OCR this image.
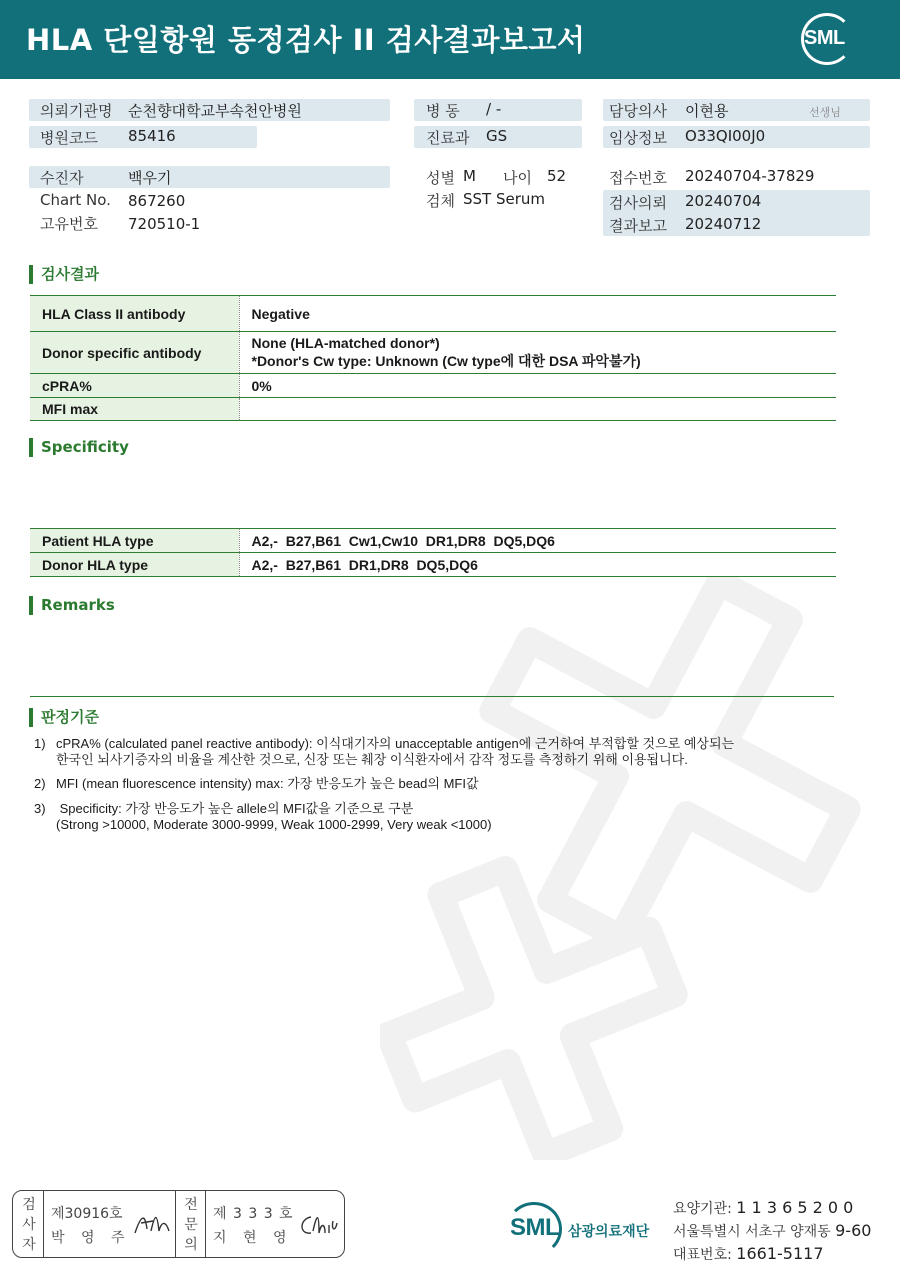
HLA 단일항원 동정검사 II 검사결과보고서	SML
의뢰기관명 순천향대학교부속천안병원
병원코드 85416
병 동 / -
진료과 GS
담당의사 이현용	선생님
임상정보 O33QI00J0
수진자	백우기
Chart No. 867260
고유번호 720510-1
성별 M 나이 52
검체 SST Serum
접수번호 20240704-37829
검사의뢰 20240704
결과보고 20240712
검사결과
HLA Class II antibody	Negative
Donor specific antibody	None (HLA-matched donor*)
*Donor's Cw type: Unknown (Cw type에 대한 DSA 파악불가)

cPRA%	0%
MFI max	
Specificity
Patient HLA type	A2,-  B27,B61  Cw1,Cw10  DR1,DR8  DQ5,DQ6
Donor HLA type	A2,-  B27,B61  DR1,DR8  DQ5,DQ6
Remarks
판정기준
1) cPRA% (calculated panel reactive antibody): 이식대기자의 unacceptable antigen에 근거하여 부적합할 것으로 예상되는
한국인 뇌사기증자의 비율을 계산한 것으로, 신장 또는 췌장 이식환자에서 감작 정도를 측정하기 위해 이용됩니다.
2) MFI (mean fluorescence intensity) max: 가장 반응도가 높은 bead의 MFI값
3) Specificity: 가장 반응도가 높은 allele의 MFI값을 기준으로 구분
(Strong >10000, Moderate 3000-9999, Weak 1000-2999, Very weak <1000)
검사자
제30916호
박 영 주
전문의
제 3 3 3 호
지 현 영	SML 삼광의료재단
요양기관: 1 1 3 6 5 2 0 0
서울특별시 서초구 양재동 9-60
대표번호: 1661-5117
